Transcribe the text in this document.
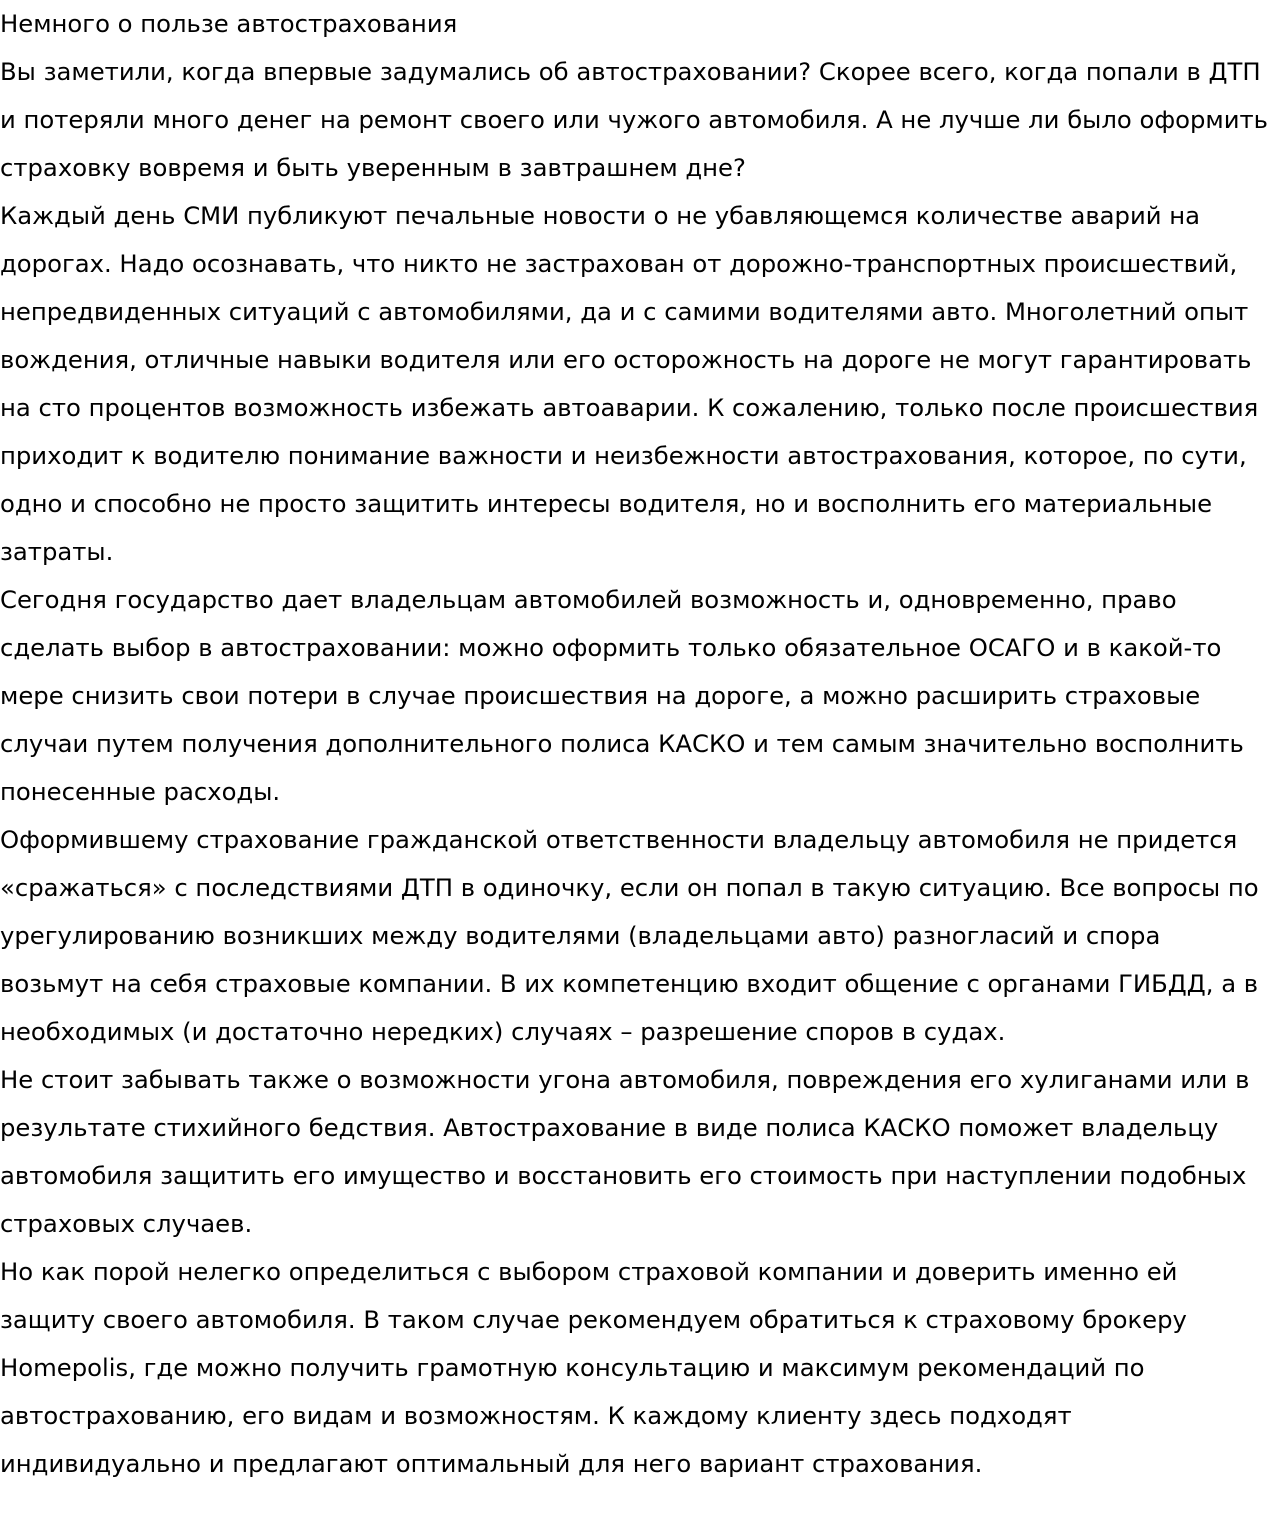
Немного о пользе автострахования

Вы заметили, когда впервые задумались об автостраховании? Скорее всего, когда попали в ДТП и потеряли много денег на ремонт своего или чужого автомобиля. А не лучше ли было оформить страховку вовремя и быть уверенным в завтрашнем дне?

Каждый день СМИ публикуют печальные новости о не убавляющемся количестве аварий на дорогах. Надо осознавать, что никто не застрахован от дорожно-транспортных происшествий, непредвиденных ситуаций с автомобилями, да и с самими водителями авто. Многолетний опыт вождения, отличные навыки водителя или его осторожность на дороге не могут гарантировать на сто процентов возможность избежать автоаварии. К сожалению, только после происшествия приходит к водителю понимание важности и неизбежности автострахования, которое, по сути, одно и способно не просто защитить интересы водителя, но и восполнить его материальные затраты.

Сегодня государство дает владельцам автомобилей возможность и, одновременно, право сделать выбор в автостраховании: можно оформить только обязательное ОСАГО и в какой-то мере снизить свои потери в случае происшествия на дороге, а можно расширить страховые случаи путем получения дополнительного полиса КАСКО и тем самым значительно восполнить понесенные расходы.

Оформившему страхование гражданской ответственности владельцу автомобиля не придется «сражаться» с последствиями ДТП в одиночку, если он попал в такую ситуацию. Все вопросы по урегулированию возникших между водителями (владельцами авто) разногласий и спора возьмут на себя страховые компании. В их компетенцию входит общение с органами ГИБДД, а в необходимых (и достаточно нередких) случаях – разрешение споров в судах.

Не стоит забывать также о возможности угона автомобиля, повреждения его хулиганами или в результате стихийного бедствия. Автострахование в виде полиса КАСКО поможет владельцу автомобиля защитить его имущество и восстановить его стоимость при наступлении подобных страховых случаев.

Но как порой нелегко определиться с выбором страховой компании и доверить именно ей защиту своего автомобиля. В таком случае рекомендуем обратиться к страховому брокеру Homepolis, где можно получить грамотную консультацию и максимум рекомендаций по автострахованию, его видам и возможностям. К каждому клиенту здесь подходят индивидуально и предлагают оптимальный для него вариант страхования.
